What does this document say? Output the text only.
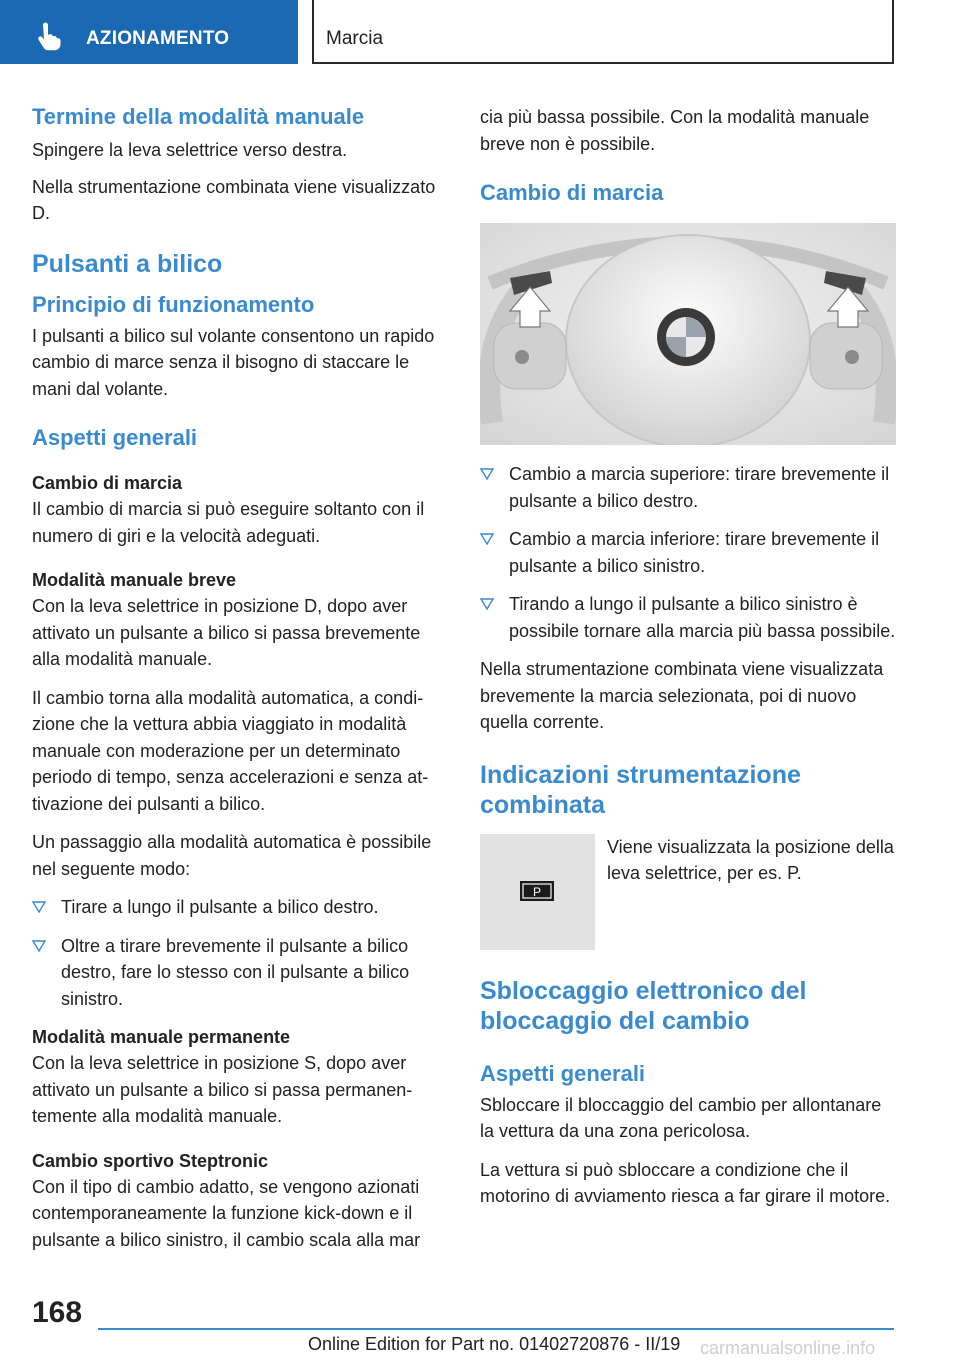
AZIONAMENTO	Marcia
Termine della modalità manuale

Spingere la leva selettrice verso destra.

Nella strumentazione combinata viene visualizzato D.

Pulsanti a bilico
Principio di funzionamento

I pulsanti a bilico sul volante consentono un rapido cambio di marce senza il bisogno di staccare le mani dal volante.

Aspetti generali
Cambio di marcia

Il cambio di marcia si può eseguire soltanto con il numero di giri e la velocità adeguati.

Modalità manuale breve

Con la leva selettrice in posizione D, dopo aver attivato un pulsante a bilico si passa brevemente alla modalità manuale.

Il cambio torna alla modalità automatica, a condizione che la vettura abbia viaggiato in modalità manuale con moderazione per un determinato periodo di tempo, senza accelerazioni e senza attivazione dei pulsanti a bilico.

Un passaggio alla modalità automatica è possibile nel seguente modo:

Tirare a lungo il pulsante a bilico destro.
Oltre a tirare brevemente il pulsante a bilico destro, fare lo stesso con il pulsante a bilico sinistro.
Modalità manuale permanente

Con la leva selettrice in posizione S, dopo aver attivato un pulsante a bilico si passa permanentemente alla modalità manuale.

Cambio sportivo Steptronic

Con il tipo di cambio adatto, se vengono azionati contemporaneamente la funzione kick-down e il pulsante a bilico sinistro, il cambio scala alla mar

cia più bassa possibile. Con la modalità manuale breve non è possibile.

Cambio di marcia
Cambio a marcia superiore: tirare brevemente il pulsante a bilico destro.
Cambio a marcia inferiore: tirare brevemente il pulsante a bilico sinistro.
Tirando a lungo il pulsante a bilico sinistro è possibile tornare alla marcia più bassa possibile.

Nella strumentazione combinata viene visualizzata brevemente la marcia selezionata, poi di nuovo quella corrente.

Indicazioni strumentazione combinata
P

Viene visualizzata la posizione della leva selettrice, per es. P.

Sbloccaggio elettronico del bloccaggio del cambio
Aspetti generali

Sbloccare il bloccaggio del cambio per allontanare la vettura da una zona pericolosa.

La vettura si può sbloccare a condizione che il motorino di avviamento riesca a far girare il motore.

168
Online Edition for Part no. 01402720876 - II/19 carmanualsonline.info
